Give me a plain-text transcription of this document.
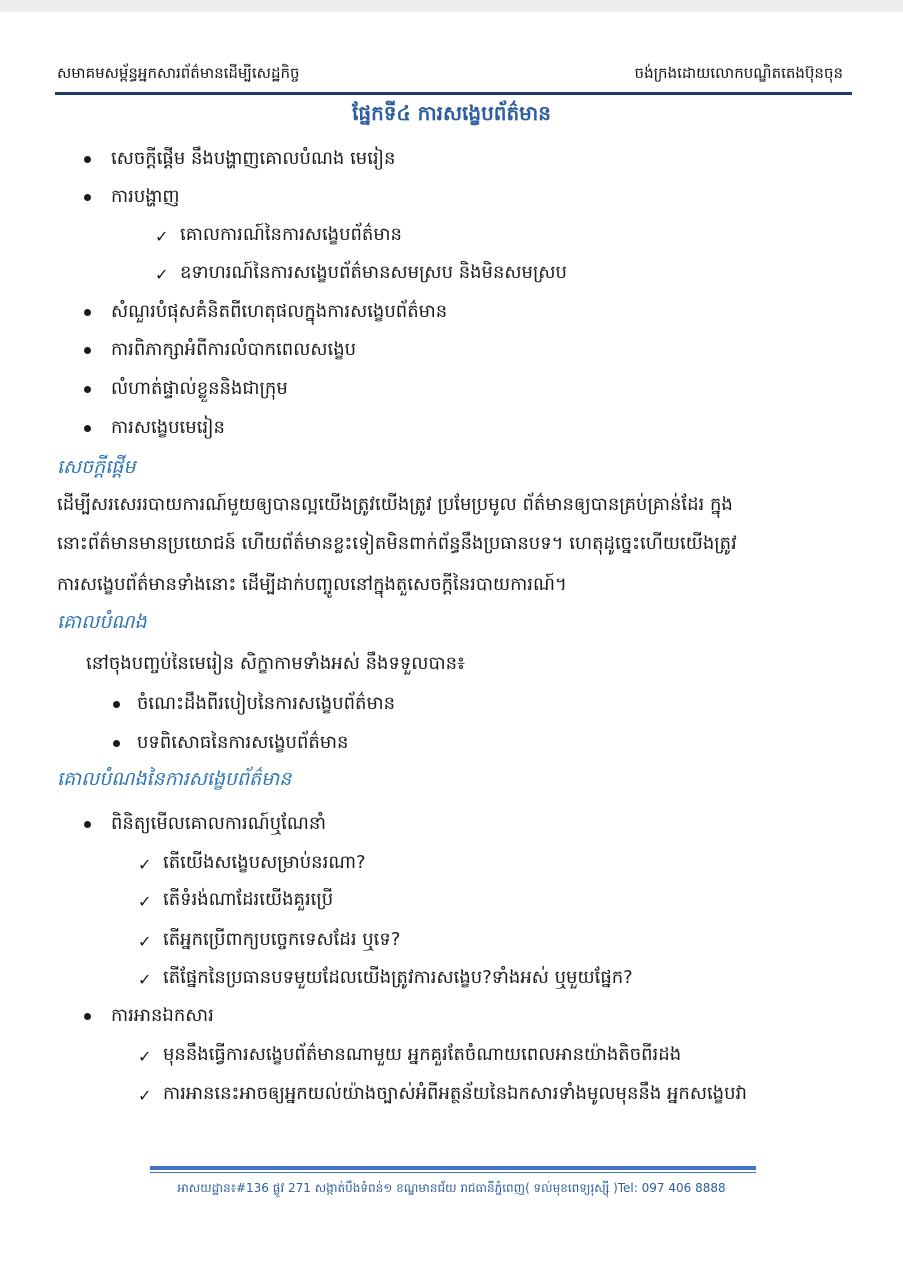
សមាគមសម្ព័ន្ធអ្នកសារព័ត៌មានដើម្បីសេដ្ឋកិច្ច	ចង់ក្រងដោយលោកបណ្ឌិតតេងប៊ុនចុន
ផ្នែកទី៤ ការសង្ខេបព័ត៌មាន
សេចក្តីផ្តើម នឹងបង្ហាញគោលបំណង មេរៀន
ការបង្ហាញ
✓ គោលការណ៍នៃការសង្ខេបព័ត៌មាន
✓ ឧទាហរណ៍នៃការសង្ខេបព័ត៌មានសមស្រប និងមិនសមស្រប
សំណួរបំផុសគំនិតពីហេតុផលក្នុងការសង្ខេបព័ត៌មាន
ការពិភាក្សាអំពីការលំបាកពេលសង្ខេប
លំហាត់ផ្ទាល់ខ្លួននិងជាក្រុម
ការសង្ខេបមេរៀន
សេចក្តីផ្តើម
ដើម្បីសរសេររបាយការណ៍មួយឲ្យបានល្អយើងត្រូវយើងត្រូវ ប្រមែប្រមូល ព័ត៌មានឲ្យបានគ្រប់គ្រាន់ដែរ ក្នុង
នោះព័ត៌មានមានប្រយោជន៍ ហើយព័ត៌មានខ្លះទៀតមិនពាក់ព័ន្ធនឹងប្រធានបទ។ ហេតុដូច្នេះហើយយើងត្រូវ
ការសង្ខេបព័ត៌មានទាំងនោះ ដើម្បីដាក់បញ្ចូលនៅក្នុងតួសេចក្តីនៃរបាយការណ៍។
គោលបំណង
នៅចុងបញ្ចប់នៃមេរៀន សិក្ខាកាមទាំងអស់ នឹងទទួលបាន៖
ចំណេះដឹងពីរបៀបនៃការសង្ខេបព័ត៌មាន
បទពិសោធនៃការសង្ខេបព័ត៌មាន
គោលបំណងនៃការសង្ខេបព័ត៌មាន
ពិនិត្យមើលគោលការណ៍ឬណែនាំ
✓ តើយើងសង្ខេបសម្រាប់នរណា?
✓ តើទំរង់ណាដែរយើងគួរប្រើ
✓ តើអ្នកប្រើពាក្យបច្ចេកទេសដែរ ឬទេ?
✓ តើផ្នែកនៃប្រធានបទមួយដែលយើងត្រូវការសង្ខេប?ទាំងអស់ ឬមួយផ្នែក?
ការអានឯកសារ
✓ មុននឹងធ្វើការសង្ខេបព័ត៌មានណាមួយ អ្នកគួរតែចំណាយពេលអានយ៉ាងតិចពីរដង
✓ ការអាននេះអាចឲ្យអ្នកយល់យ៉ាងច្បាស់អំពីអត្ថន័យនៃឯកសារទាំងមូលមុននឹង អ្នកសង្ខេបវា
អាសយដ្ឋាន៖#136 ផ្លូវ 271 សង្កាត់បឹងទំពន់១ ខណ្ឌមានជ័យ រាជធានីភ្នំពេញ( ទល់មុខពេទ្យរុស្ស៊ី )Tel: 097 406 8888
